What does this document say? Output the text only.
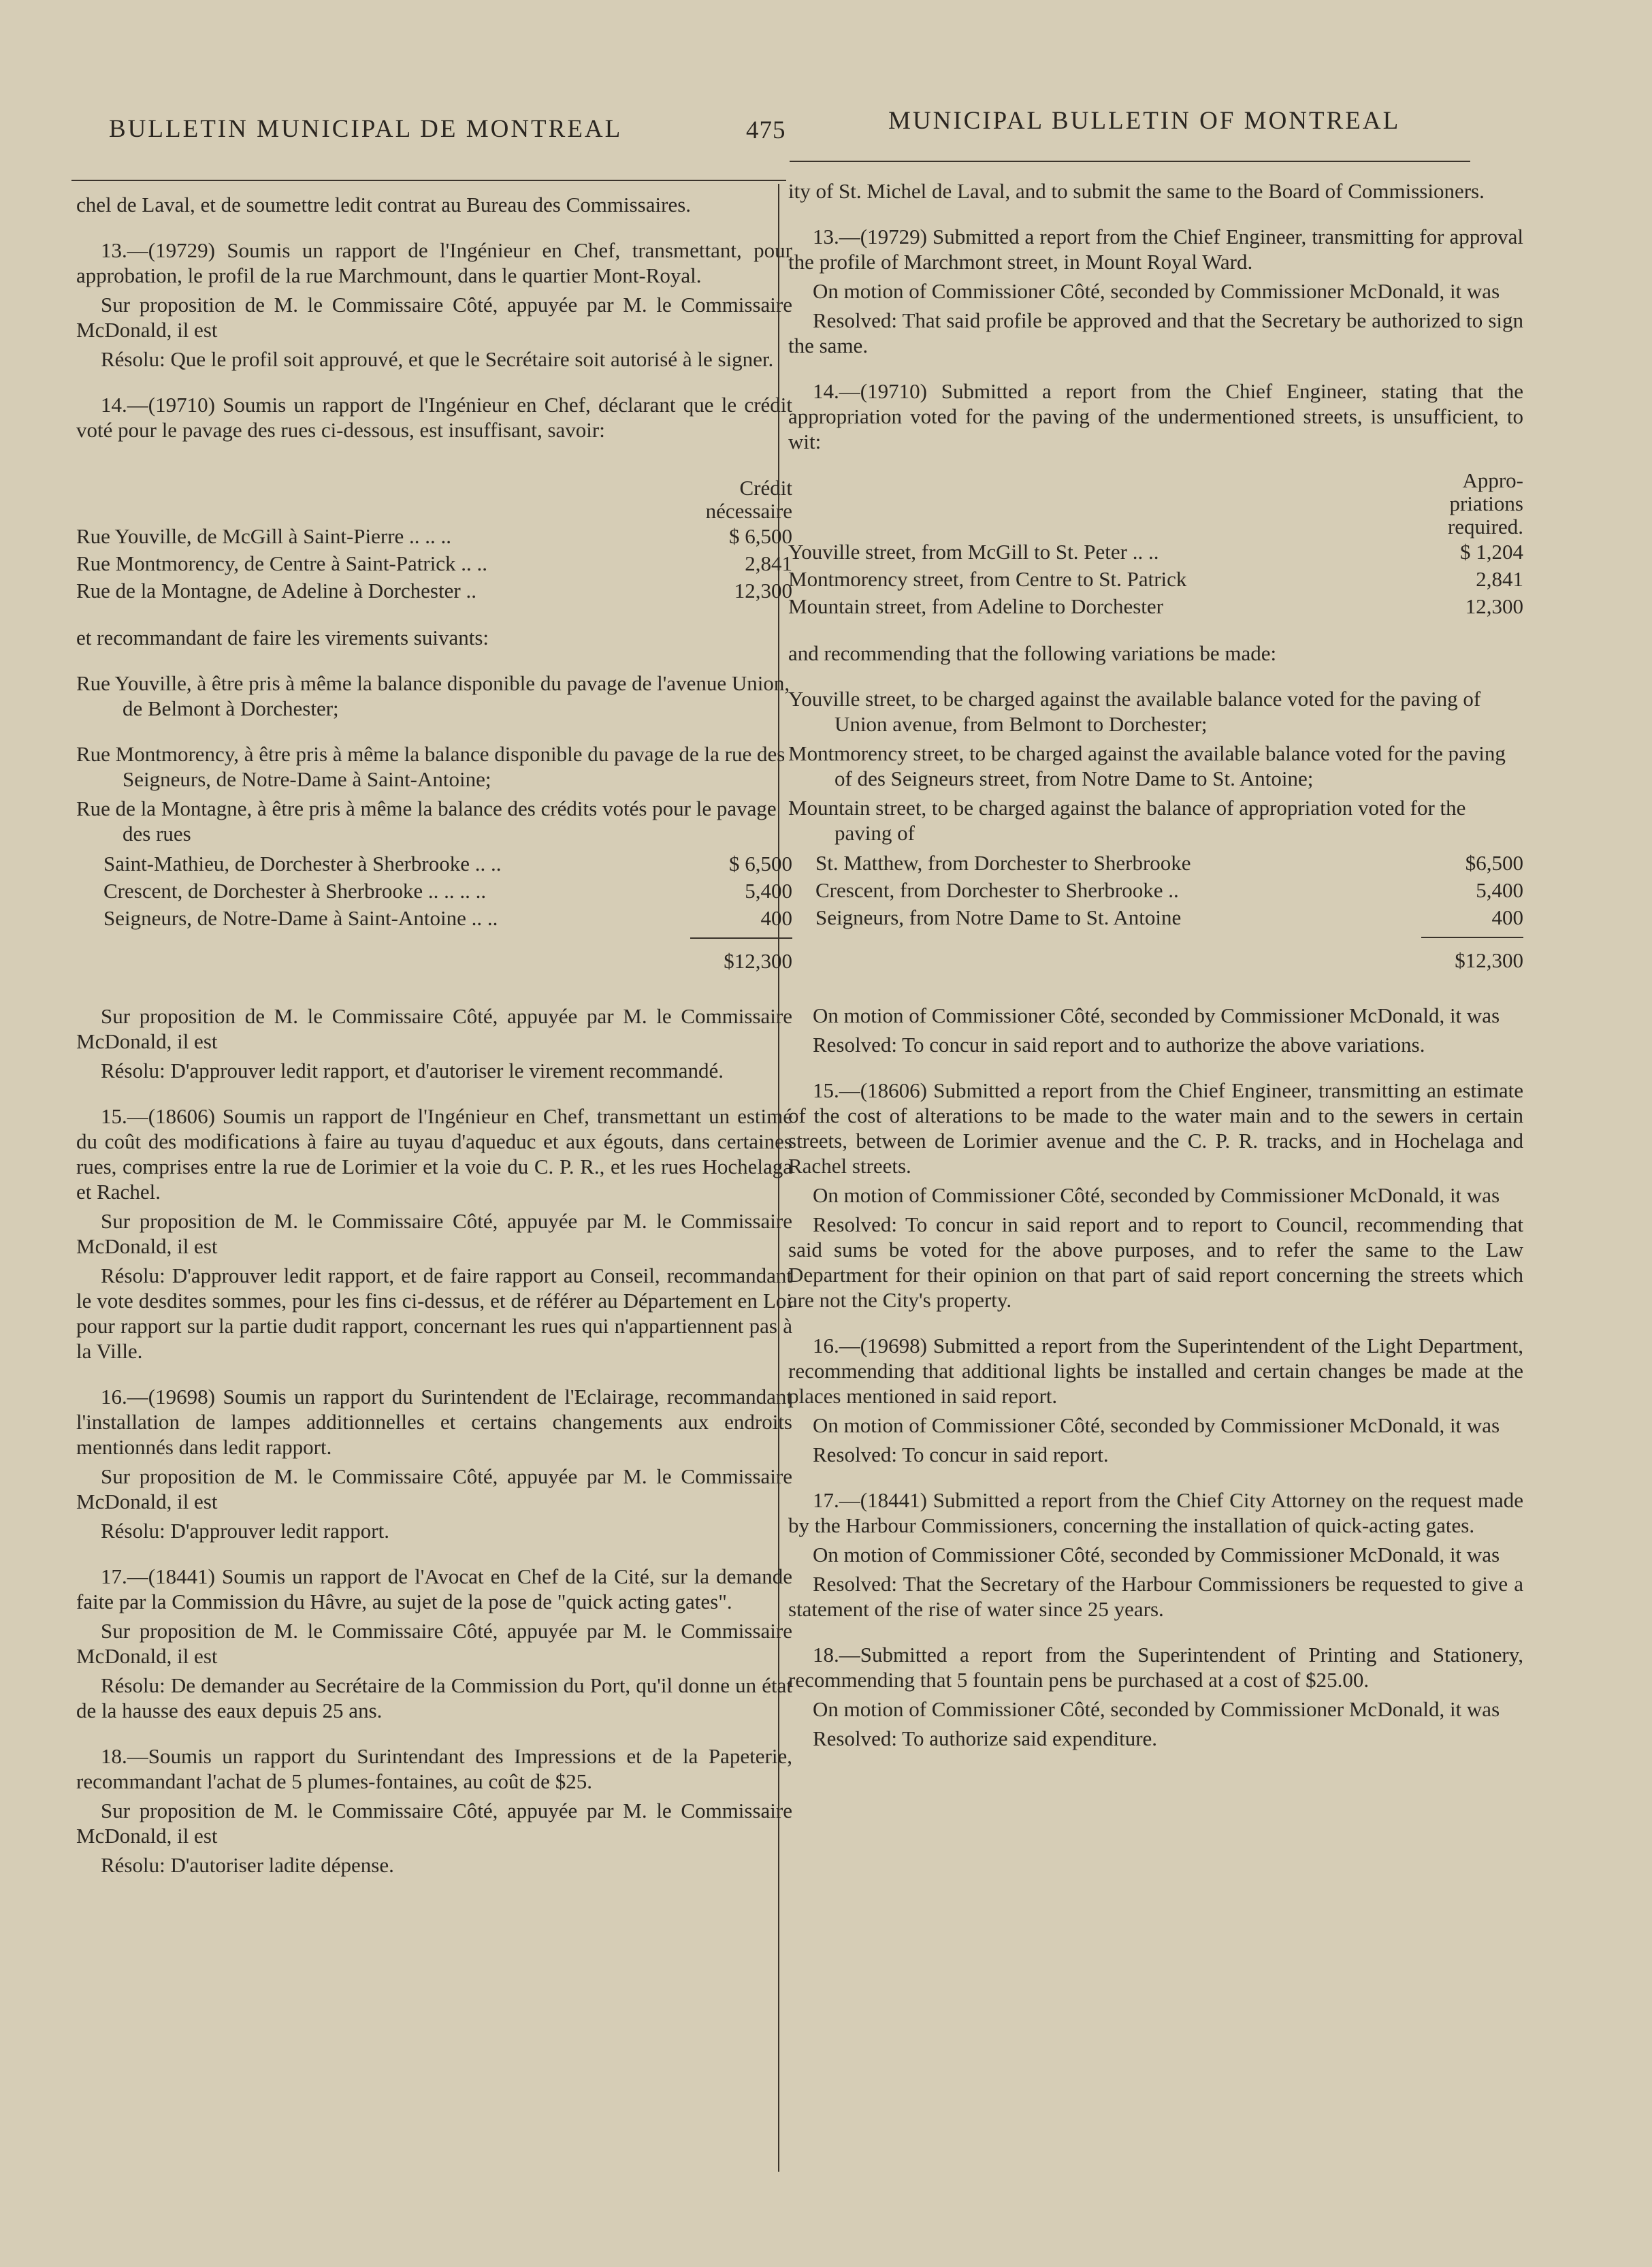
BULLETIN MUNICIPAL DE MONTREAL	475	MUNICIPAL BULLETIN OF MONTREAL

chel de Laval, et de soumettre ledit contrat au Bureau des Commissaires.

13.—(19729) Soumis un rapport de l'Ingénieur en Chef, transmettant, pour approbation, le profil de la rue Marchmount, dans le quartier Mont-Royal.

Sur proposition de M. le Commissaire Côté, appuyée par M. le Commissaire McDonald, il est

Résolu: Que le profil soit approuvé, et que le Secrétaire soit autorisé à le signer.

14.—(19710) Soumis un rapport de l'Ingénieur en Chef, déclarant que le crédit voté pour le pavage des rues ci-dessous, est insuffisant, savoir:

Crédit
nécessaire
Rue Youville, de McGill à Saint-Pierre .. .. ..	$ 6,500
Rue Montmorency, de Centre à Saint-Patrick .. ..	2,841
Rue de la Montagne, de Adeline à Dorchester ..	12,300

et recommandant de faire les virements suivants:

Rue Youville, à être pris à même la balance disponible du pavage de l'avenue Union, de Belmont à Dorchester;

Rue Montmorency, à être pris à même la balance disponible du pavage de la rue des Seigneurs, de Notre-Dame à Saint-Antoine;

Rue de la Montagne, à être pris à même la balance des crédits votés pour le pavage des rues

Saint-Mathieu, de Dorchester à Sherbrooke .. ..	$ 6,500
Crescent, de Dorchester à Sherbrooke .. .. .. ..	5,400
Seigneurs, de Notre-Dame à Saint-Antoine .. ..	400
$12,300

Sur proposition de M. le Commissaire Côté, appuyée par M. le Commissaire McDonald, il est

Résolu: D'approuver ledit rapport, et d'autoriser le virement recommandé.

15.—(18606) Soumis un rapport de l'Ingénieur en Chef, transmettant un estimé du coût des modifications à faire au tuyau d'aqueduc et aux égouts, dans certaines rues, comprises entre la rue de Lorimier et la voie du C. P. R., et les rues Hochelaga et Rachel.

Sur proposition de M. le Commissaire Côté, appuyée par M. le Commissaire McDonald, il est

Résolu: D'approuver ledit rapport, et de faire rapport au Conseil, recommandant le vote desdites sommes, pour les fins ci-dessus, et de référer au Département en Loi pour rapport sur la partie dudit rapport, concernant les rues qui n'appartiennent pas à la Ville.

16.—(19698) Soumis un rapport du Surintendent de l'Eclairage, recommandant l'installation de lampes additionnelles et certains changements aux endroits mentionnés dans ledit rapport.

Sur proposition de M. le Commissaire Côté, appuyée par M. le Commissaire McDonald, il est

Résolu: D'approuver ledit rapport.

17.—(18441) Soumis un rapport de l'Avocat en Chef de la Cité, sur la demande faite par la Commission du Hâvre, au sujet de la pose de "quick acting gates".

Sur proposition de M. le Commissaire Côté, appuyée par M. le Commissaire McDonald, il est

Résolu: De demander au Secrétaire de la Commission du Port, qu'il donne un état de la hausse des eaux depuis 25 ans.

18.—Soumis un rapport du Surintendant des Impressions et de la Papeterie, recommandant l'achat de 5 plumes-fontaines, au coût de $25.

Sur proposition de M. le Commissaire Côté, appuyée par M. le Commissaire McDonald, il est

Résolu: D'autoriser ladite dépense.

ity of St. Michel de Laval, and to submit the same to the Board of Commissioners.

13.—(19729) Submitted a report from the Chief Engineer, transmitting for approval the profile of Marchmont street, in Mount Royal Ward.

On motion of Commissioner Côté, seconded by Commissioner McDonald, it was

Resolved: That said profile be approved and that the Secretary be authorized to sign the same.

14.—(19710) Submitted a report from the Chief Engineer, stating that the appropriation voted for the paving of the undermentioned streets, is unsufficient, to wit:

Appro-
priations
required.
Youville street, from McGill to St. Peter .. ..	$ 1,204
Montmorency street, from Centre to St. Patrick	2,841
Mountain street, from Adeline to Dorchester	12,300

and recommending that the following variations be made:

Youville street, to be charged against the available balance voted for the paving of Union avenue, from Belmont to Dorchester;

Montmorency street, to be charged against the available balance voted for the paving of des Seigneurs street, from Notre Dame to St. Antoine;

Mountain street, to be charged against the balance of appropriation voted for the paving of

St. Matthew, from Dorchester to Sherbrooke	$6,500
Crescent, from Dorchester to Sherbrooke ..	5,400
Seigneurs, from Notre Dame to St. Antoine	400
$12,300

On motion of Commissioner Côté, seconded by Commissioner McDonald, it was

Resolved: To concur in said report and to authorize the above variations.

15.—(18606) Submitted a report from the Chief Engineer, transmitting an estimate of the cost of alterations to be made to the water main and to the sewers in certain streets, between de Lorimier avenue and the C. P. R. tracks, and in Hochelaga and Rachel streets.

On motion of Commissioner Côté, seconded by Commissioner McDonald, it was

Resolved: To concur in said report and to report to Council, recommending that said sums be voted for the above purposes, and to refer the same to the Law Department for their opinion on that part of said report concerning the streets which are not the City's property.

16.—(19698) Submitted a report from the Superintendent of the Light Department, recommending that additional lights be installed and certain changes be made at the places mentioned in said report.

On motion of Commissioner Côté, seconded by Commissioner McDonald, it was

Resolved: To concur in said report.

17.—(18441) Submitted a report from the Chief City Attorney on the request made by the Harbour Commissioners, concerning the installation of quick-acting gates.

On motion of Commissioner Côté, seconded by Commissioner McDonald, it was

Resolved: That the Secretary of the Harbour Commissioners be requested to give a statement of the rise of water since 25 years.

18.—Submitted a report from the Superintendent of Printing and Stationery, recommending that 5 fountain pens be purchased at a cost of $25.00.

On motion of Commissioner Côté, seconded by Commissioner McDonald, it was

Resolved: To authorize said expenditure.
